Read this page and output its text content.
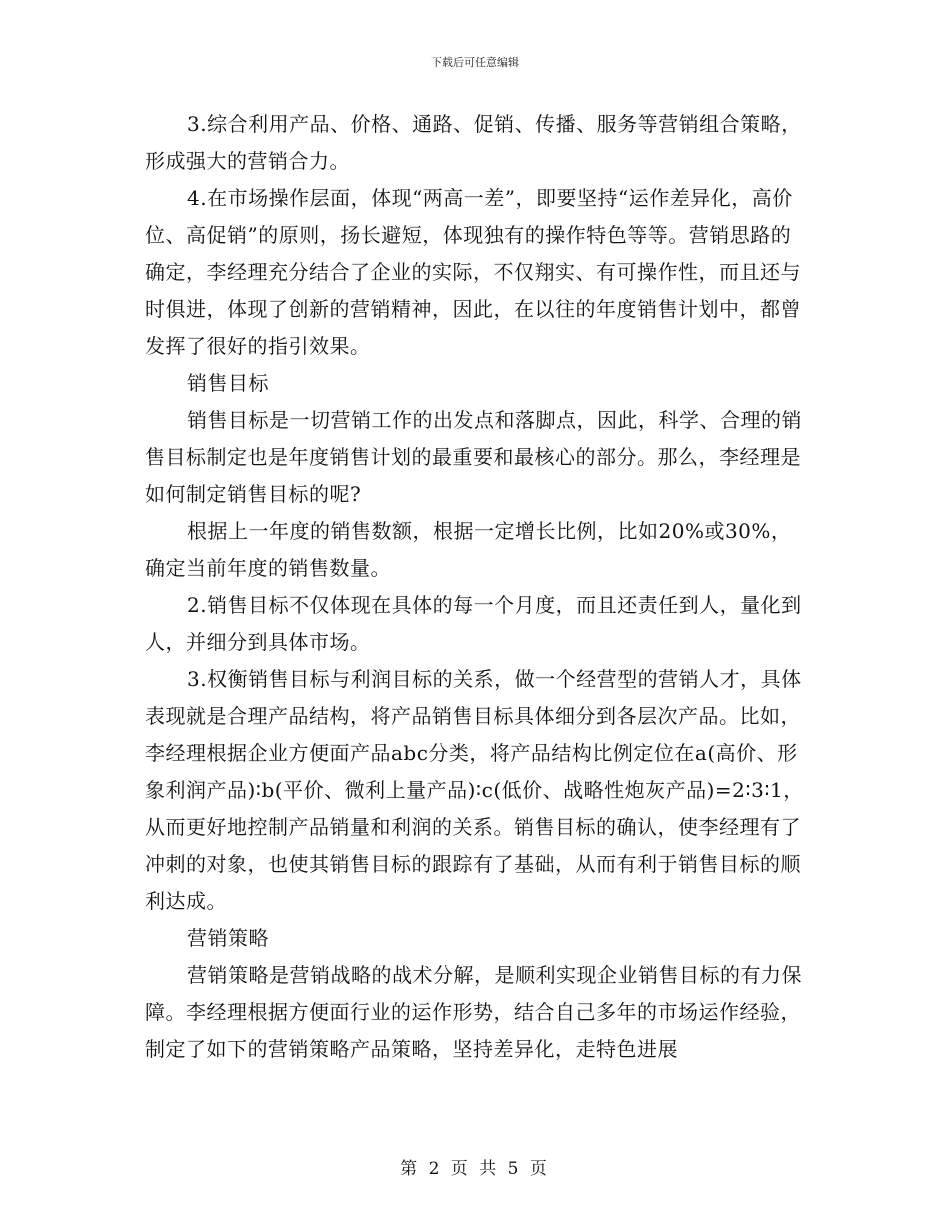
下载后可任意编辑

3.综合利用产品、价格、通路、促销、传播、服务等营销组合策略，形成强大的营销合力。

4.在市场操作层面，体现“两高一差”，即要坚持“运作差异化，高价位、高促销”的原则，扬长避短，体现独有的操作特色等等。营销思路的确定，李经理充分结合了企业的实际，不仅翔实、有可操作性，而且还与时俱进，体现了创新的营销精神，因此，在以往的年度销售计划中，都曾发挥了很好的指引效果。

销售目标

销售目标是一切营销工作的出发点和落脚点，因此，科学、合理的销售目标制定也是年度销售计划的最重要和最核心的部分。那么，李经理是如何制定销售目标的呢?

根据上一年度的销售数额，根据一定增长比例，比如20%或30%，确定当前年度的销售数量。

2.销售目标不仅体现在具体的每一个月度，而且还责任到人，量化到人，并细分到具体市场。

3.权衡销售目标与利润目标的关系，做一个经营型的营销人才，具体表现就是合理产品结构，将产品销售目标具体细分到各层次产品。比如，李经理根据企业方便面产品abc分类，将产品结构比例定位在a(高价、形象利润产品)∶b(平价、微利上量产品)∶c(低价、战略性炮灰产品)=2∶3∶1，从而更好地控制产品销量和利润的关系。销售目标的确认，使李经理有了冲刺的对象，也使其销售目标的跟踪有了基础，从而有利于销售目标的顺利达成。

营销策略

营销策略是营销战略的战术分解，是顺利实现企业销售目标的有力保障。李经理根据方便面行业的运作形势，结合自己多年的市场运作经验，制定了如下的营销策略产品策略，坚持差异化，走特色进展

第 2 页 共 5 页
